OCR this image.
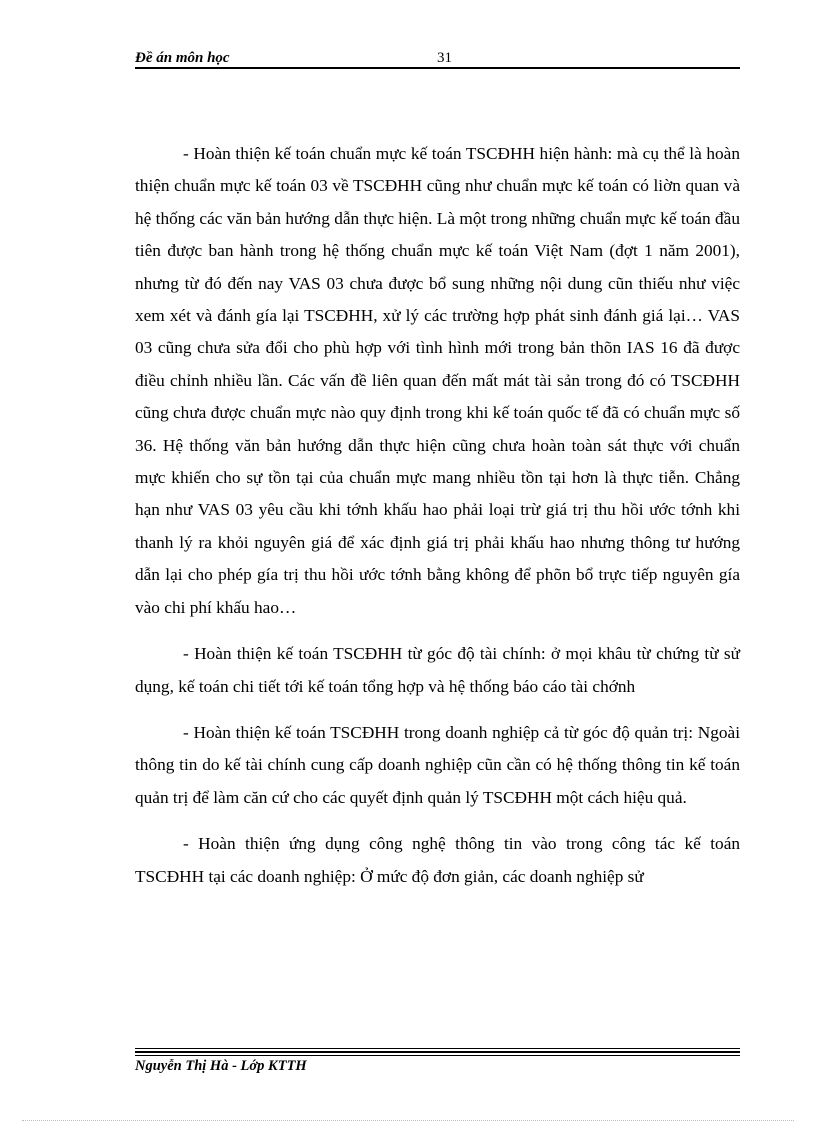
Đề án môn học	31

- Hoàn thiện kế toán chuẩn mực kế toán TSCĐHH hiện hành: mà cụ thể là hoàn thiện chuẩn mực kế toán 03 về TSCĐHH cũng như chuẩn mực kế toán có liờn quan và hệ thống các văn bản hướng dẫn thực hiện. Là một trong những chuẩn mực kế toán đầu tiên được ban hành trong hệ thống chuẩn mực kế toán Việt Nam (đợt 1 năm 2001), nhưng từ đó đến nay VAS 03 chưa được bổ sung những nội dung cũn thiếu như việc xem xét và đánh gía lại TSCĐHH, xử lý các trường hợp phát sinh đánh giá lại… VAS 03 cũng chưa sửa đổi cho phù hợp với tình hình mới trong bản thõn IAS 16 đã được điều chỉnh nhiều lần. Các vấn đề liên quan đến mất mát tài sản trong đó có TSCĐHH cũng chưa được chuẩn mực nào quy định trong khi kế toán quốc tế đã có chuẩn mực số 36. Hệ thống văn bản hướng dẫn thực hiện cũng chưa hoàn toàn sát thực với chuẩn mực khiến cho sự tồn tại của chuẩn mực mang nhiều tồn tại hơn là thực tiễn. Chẳng hạn như VAS 03 yêu cầu khi tớnh khấu hao phải loại trừ giá trị thu hồi ước tớnh khi thanh lý ra khỏi nguyên giá để xác định giá trị phải khấu hao nhưng thông tư hướng dẫn lại cho phép gía trị thu hồi ước tớnh bằng không để phõn bổ trực tiếp nguyên gía vào chi phí khấu hao…

- Hoàn thiện kế toán TSCĐHH từ góc độ tài chính: ở mọi khâu từ chứng từ sử dụng, kế toán chi tiết tới kế toán tổng hợp và hệ thống báo cáo tài chớnh

- Hoàn thiện kế toán TSCĐHH trong doanh nghiệp cả từ góc độ quản trị: Ngoài thông tin do kế tài chính cung cấp doanh nghiệp cũn cần có hệ thống thông tin kế toán quản trị để làm căn cứ cho các quyết định quản lý TSCĐHH một cách hiệu quả.

- Hoàn thiện ứng dụng công nghệ thông tin vào trong công tác kế toán TSCĐHH tại các doanh nghiệp: Ở mức độ đơn giản, các doanh nghiệp sử

Nguyễn Thị Hà - Lớp KTTH
